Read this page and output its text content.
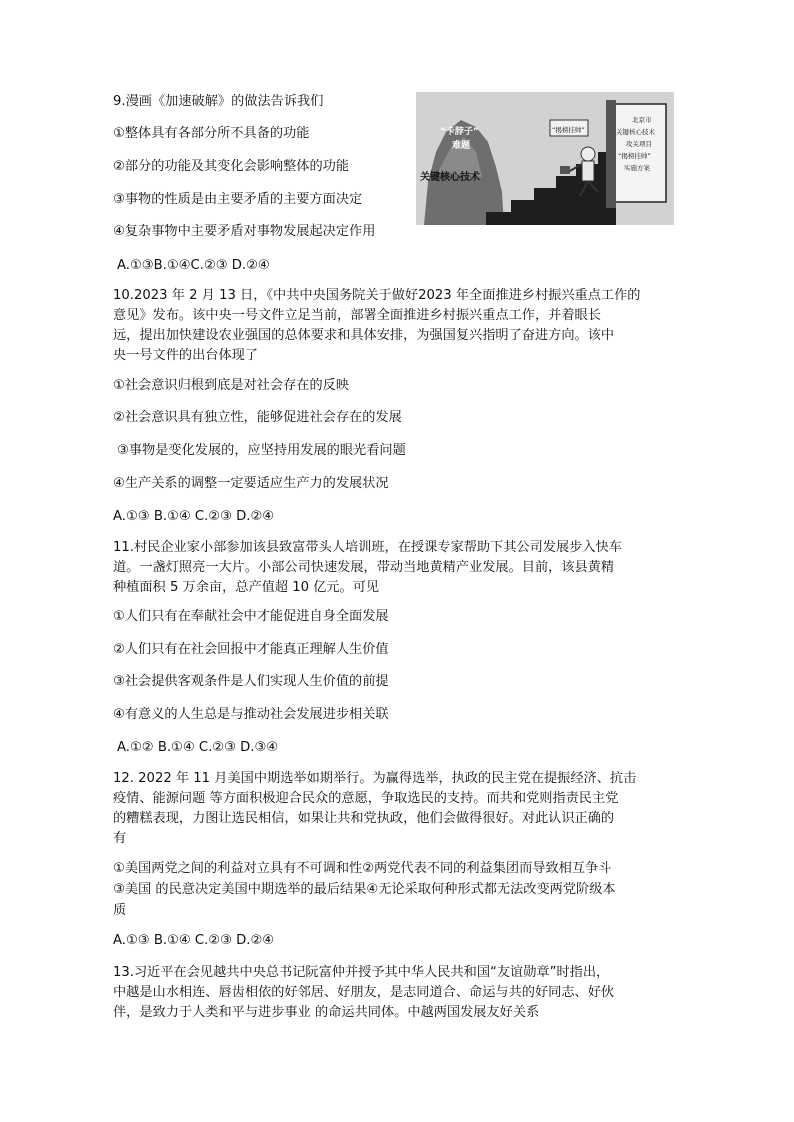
9.漫画《加速破解》的做法告诉我们
①整体具有各部分所不具备的功能
②部分的功能及其变化会影响整体的功能
③事物的性质是由主要矛盾的主要方面决定
④复杂事物中主要矛盾对事物发展起决定作用
A.①③B.①④C.②③ D.②④
“卡脖子”
难题
关键核心技术
“揭榜挂帅”
北京市
关键核心技术
攻关项目
“揭榜挂帅”
实施方案
10.2023 年 2 月 13 日，《中共中央国务院关于做好2023 年全面推进乡村振兴重点工作的
意见》发布。该中央一号文件立足当前，部署全面推进乡村振兴重点工作，并着眼长
远，提出加快建设农业强国的总体要求和具体安排，为强国复兴指明了奋进方向。该中
央一号文件的出台体现了
①社会意识归根到底是对社会存在的反映
②社会意识具有独立性，能够促进社会存在的发展
③事物是变化发展的，应坚持用发展的眼光看问题
④生产关系的调整一定要适应生产力的发展状况
A.①③ B.①④ C.②③ D.②④
11.村民企业家小部参加该县致富带头人培训班，在授课专家帮助下其公司发展步入快车
道。一盏灯照亮一大片。小部公司快速发展，带动当地黄精产业发展。目前，该县黄精
种植面积 5 万余亩，总产值超 10 亿元。可见
①人们只有在奉献社会中才能促进自身全面发展
②人们只有在社会回报中才能真正理解人生价值
③社会提供客观条件是人们实现人生价值的前提
④有意义的人生总是与推动社会发展进步相关联
A.①② B.①④ C.②③ D.③④
12. 2022 年 11 月美国中期选举如期举行。为赢得选举，执政的民主党在提振经济、抗击
疫情、能源问题 等方面积极迎合民众的意愿，争取选民的支持。而共和党则指责民主党
的糟糕表现，力图让选民相信，如果让共和党执政，他们会做得很好。对此认识正确的
有
①美国两党之间的利益对立具有不可调和性②两党代表不同的利益集团而导致相互争斗
③美国 的民意决定美国中期选举的最后结果④无论采取何种形式都无法改变两党阶级本
质
A.①③ B.①④ C.②③ D.②④
13.习近平在会见越共中央总书记阮富仲并授予其中华人民共和国“友谊勋章”时指出，
中越是山水相连、唇齿相依的好邻居、好朋友，是志同道合、命运与共的好同志、好伙
伴，是致力于人类和平与进步事业 的命运共同体。中越两国发展友好关系
